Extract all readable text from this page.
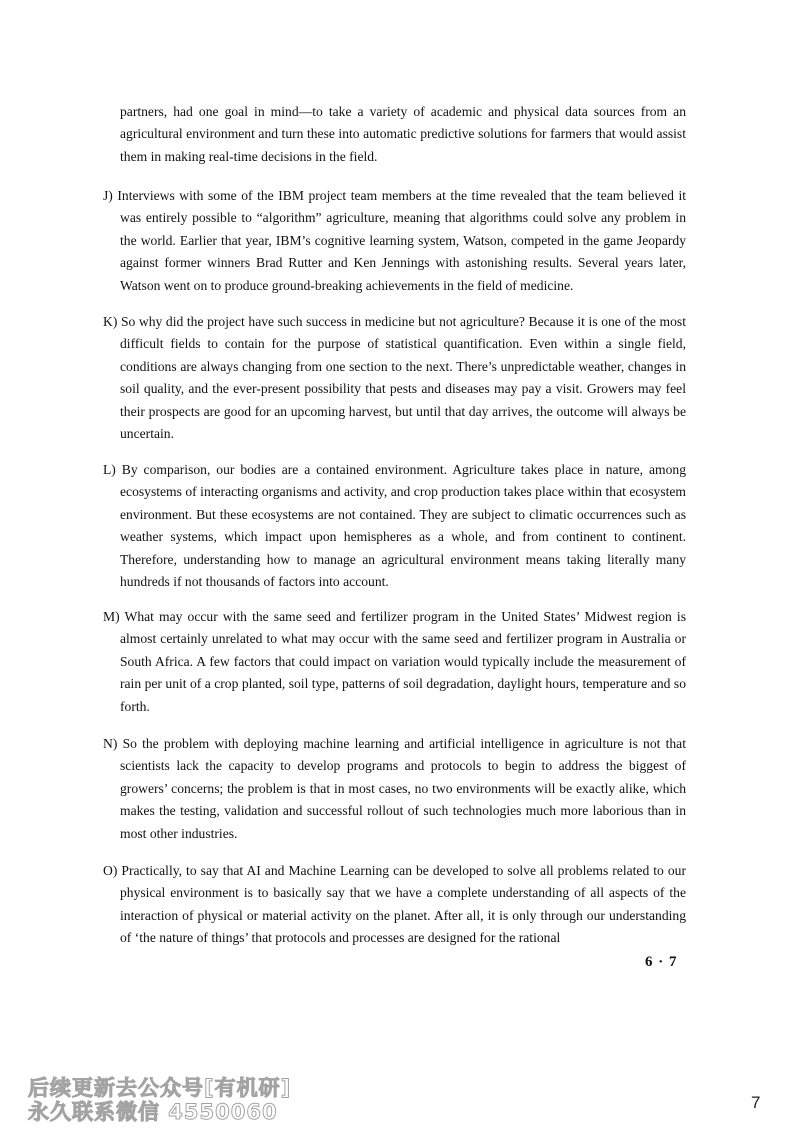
partners, had one goal in mind—to take a variety of academic and physical data sources from an agricultural environment and turn these into automatic predictive solutions for farmers that would assist them in making real-time decisions in the field.

J) Interviews with some of the IBM project team members at the time revealed that the team believed it was entirely possible to “algorithm” agriculture, meaning that algorithms could solve any problem in the world. Earlier that year, IBM’s cognitive learning system, Watson, competed in the game Jeopardy against former winners Brad Rutter and Ken Jennings with astonishing results. Several years later, Watson went on to produce ground-breaking achievements in the field of medicine.

K) So why did the project have such success in medicine but not agriculture? Because it is one of the most difficult fields to contain for the purpose of statistical quantification. Even within a single field, conditions are always changing from one section to the next. There’s unpredictable weather, changes in soil quality, and the ever-present possibility that pests and diseases may pay a visit. Growers may feel their prospects are good for an upcoming harvest, but until that day arrives, the outcome will always be uncertain.

L) By comparison, our bodies are a contained environment. Agriculture takes place in nature, among ecosystems of interacting organisms and activity, and crop production takes place within that ecosystem environment. But these ecosystems are not contained. They are subject to climatic occurrences such as weather systems, which impact upon hemispheres as a whole, and from continent to continent. Therefore, understanding how to manage an agricultural environment means taking literally many hundreds if not thousands of factors into account.

M) What may occur with the same seed and fertilizer program in the United States’ Midwest region is almost certainly unrelated to what may occur with the same seed and fertilizer program in Australia or South Africa. A few factors that could impact on variation would typically include the measurement of rain per unit of a crop planted, soil type, patterns of soil degradation, daylight hours, temperature and so forth.

N) So the problem with deploying machine learning and artificial intelligence in agriculture is not that scientists lack the capacity to develop programs and protocols to begin to address the biggest of growers’ concerns; the problem is that in most cases, no two environments will be exactly alike, which makes the testing, validation and successful rollout of such technologies much more laborious than in most other industries.

O) Practically, to say that AI and Machine Learning can be developed to solve all problems related to our physical environment is to basically say that we have a complete understanding of all aspects of the interaction of physical or material activity on the planet. After all, it is only through our understanding of ‘the nature of things’ that protocols and processes are designed for the rational

6 · 7
后续更新去公众号[有机研]
永久联系微信 4550060	7
